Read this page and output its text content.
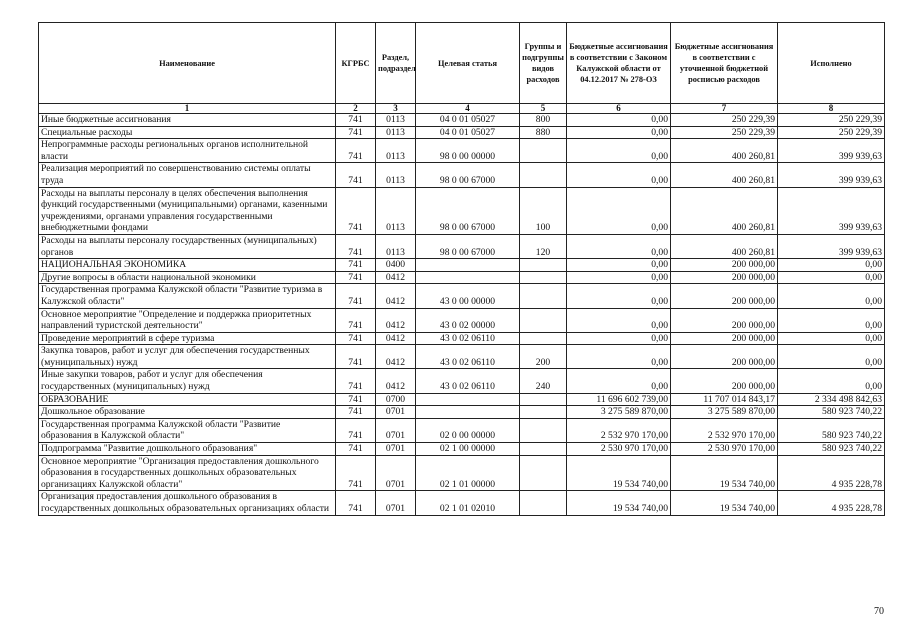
Наименование	КГРБС	Раздел, подраздел	Целевая статья	Группы и подгруппы видов расходов	Бюджетные ассигнования в соответствии с Законом Калужской области от 04.12.2017 № 278-ОЗ	Бюджетные ассигнования в соответствии с уточненной бюджетной росписью расходов	Исполнено
1	2	3	4	5	6	7	8
Иные бюджетные ассигнования	741	0113	04 0 01 05027	800	0,00	250 229,39	250 229,39
Специальные расходы	741	0113	04 0 01 05027	880	0,00	250 229,39	250 229,39
Непрограммные расходы региональных органов исполнительной власти	741	0113	98 0 00 00000		0,00	400 260,81	399 939,63
Реализация мероприятий по совершенствованию системы оплаты труда	741	0113	98 0 00 67000		0,00	400 260,81	399 939,63
Расходы на выплаты персоналу в целях обеспечения выполнения функций государственными (муниципальными) органами, казенными учреждениями, органами управления государственными внебюджетными фондами	741	0113	98 0 00 67000	100	0,00	400 260,81	399 939,63
Расходы на выплаты персоналу государственных (муниципальных) органов	741	0113	98 0 00 67000	120	0,00	400 260,81	399 939,63
НАЦИОНАЛЬНАЯ ЭКОНОМИКА	741	0400			0,00	200 000,00	0,00
Другие вопросы в области национальной экономики	741	0412			0,00	200 000,00	0,00
Государственная программа Калужской области "Развитие туризма в Калужской области"	741	0412	43 0 00 00000		0,00	200 000,00	0,00
Основное мероприятие "Определение и поддержка приоритетных направлений туристской деятельности"	741	0412	43 0 02 00000		0,00	200 000,00	0,00
Проведение мероприятий в сфере туризма	741	0412	43 0 02 06110		0,00	200 000,00	0,00
Закупка товаров, работ и услуг для обеспечения государственных (муниципальных) нужд	741	0412	43 0 02 06110	200	0,00	200 000,00	0,00
Иные закупки товаров, работ и услуг для обеспечения государственных (муниципальных) нужд	741	0412	43 0 02 06110	240	0,00	200 000,00	0,00
ОБРАЗОВАНИЕ	741	0700			11 696 602 739,00	11 707 014 843,17	2 334 498 842,63
Дошкольное образование	741	0701			3 275 589 870,00	3 275 589 870,00	580 923 740,22
Государственная программа Калужской области "Развитие образования в Калужской области"	741	0701	02 0 00 00000		2 532 970 170,00	2 532 970 170,00	580 923 740,22
Подпрограмма "Развитие дошкольного образования"	741	0701	02 1 00 00000		2 530 970 170,00	2 530 970 170,00	580 923 740,22
Основное мероприятие "Организация предоставления дошкольного образования в государственных дошкольных образовательных организациях Калужской области"	741	0701	02 1 01 00000		19 534 740,00	19 534 740,00	4 935 228,78
Организация предоставления дошкольного образования в государственных дошкольных образовательных организациях области	741	0701	02 1 01 02010		19 534 740,00	19 534 740,00	4 935 228,78
70
